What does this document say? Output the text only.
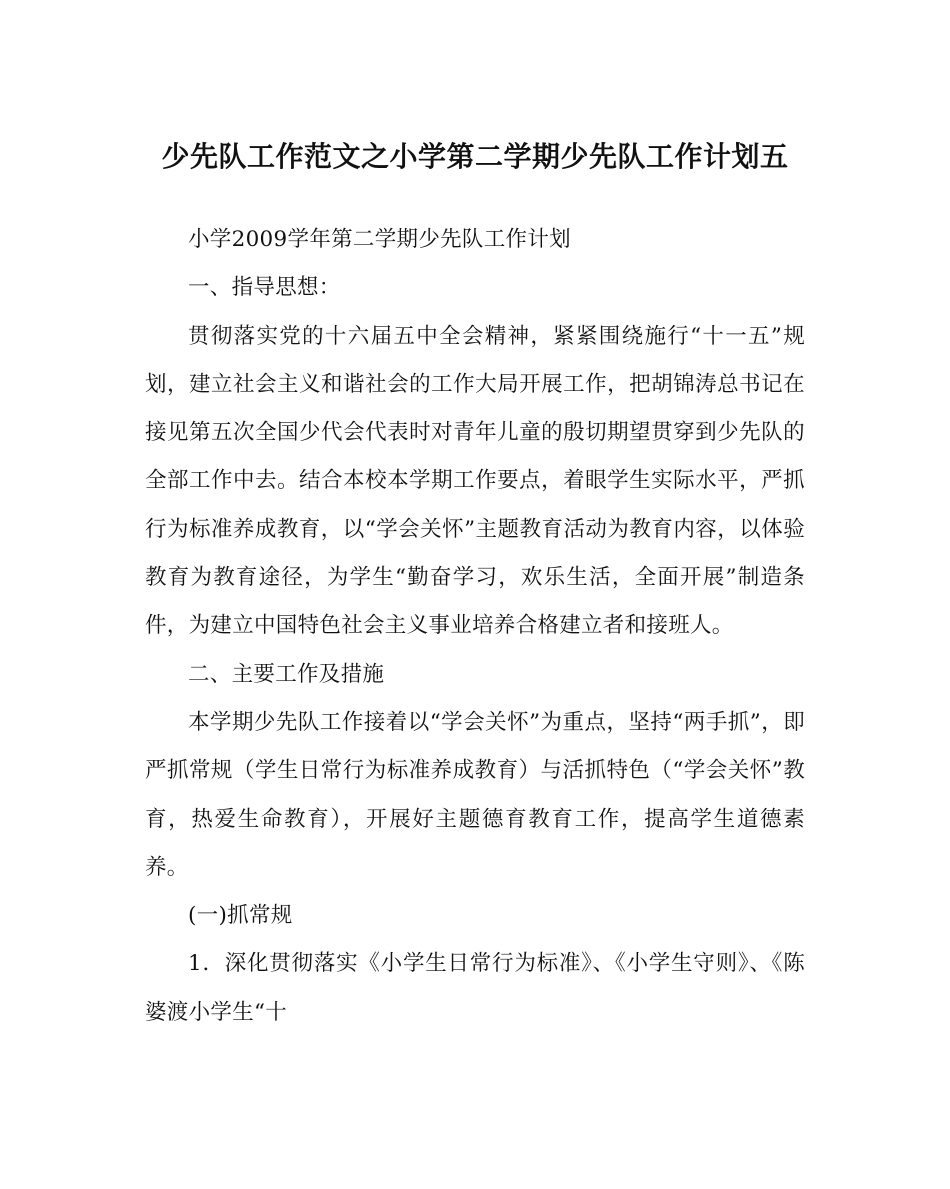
少先队工作范文之小学第二学期少先队工作计划五

小学2009学年第二学期少先队工作计划

一、指导思想：

贯彻落实党的十六届五中全会精神，紧紧围绕施行“十一五”规划，建立社会主义和谐社会的工作大局开展工作，把胡锦涛总书记在接见第五次全国少代会代表时对青年儿童的殷切期望贯穿到少先队的全部工作中去。结合本校本学期工作要点，着眼学生实际水平，严抓行为标准养成教育，以“学会关怀”主题教育活动为教育内容，以体验教育为教育途径，为学生“勤奋学习，欢乐生活，全面开展”制造条件，为建立中国特色社会主义事业培养合格建立者和接班人。

二、主要工作及措施

本学期少先队工作接着以“学会关怀”为重点，坚持“两手抓”，即严抓常规（学生日常行为标准养成教育）与活抓特色（“学会关怀”教育，热爱生命教育），开展好主题德育教育工作，提高学生道德素养。

(一)抓常规

1．深化贯彻落实《小学生日常行为标准》、《小学生守则》、《陈婆渡小学生“十
